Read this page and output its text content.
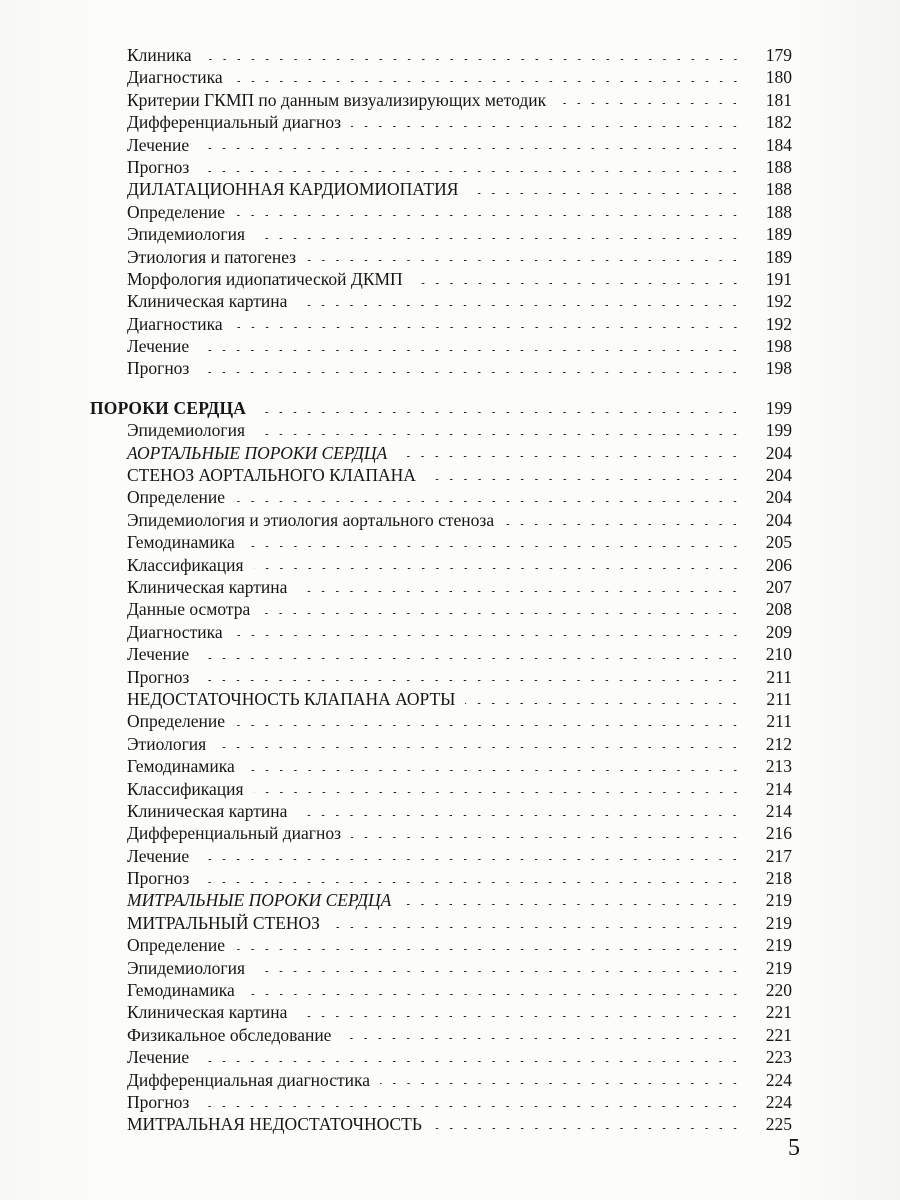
Клиника	179
Диагностика	180
Критерии ГКМП по данным визуализирующих методик	181
Дифференциальный диагноз	182
Лечение	184
Прогноз	188
ДИЛАТАЦИОННАЯ КАРДИОМИОПАТИЯ	188
Определение	188
Эпидемиология	189
Этиология и патогенез	189
Морфология идиопатической ДКМП	191
Клиническая картина	192
Диагностика	192
Лечение	198
Прогноз	198
ПОРОКИ СЕРДЦА	199
Эпидемиология	199
АОРТАЛЬНЫЕ ПОРОКИ СЕРДЦА	204
СТЕНОЗ АОРТАЛЬНОГО КЛАПАНА	204
Определение	204
Эпидемиология и этиология аортального стеноза	204
Гемодинамика	205
Классификация	206
Клиническая картина	207
Данные осмотра	208
Диагностика	209
Лечение	210
Прогноз	211
НЕДОСТАТОЧНОСТЬ КЛАПАНА АОРТЫ	211
Определение	211
Этиология	212
Гемодинамика	213
Классификация	214
Клиническая картина	214
Дифференциальный диагноз	216
Лечение	217
Прогноз	218
МИТРАЛЬНЫЕ ПОРОКИ СЕРДЦА	219
МИТРАЛЬНЫЙ СТЕНОЗ	219
Определение	219
Эпидемиология	219
Гемодинамика	220
Клиническая картина	221
Физикальное обследование	221
Лечение	223
Дифференциальная диагностика	224
Прогноз	224
МИТРАЛЬНАЯ НЕДОСТАТОЧНОСТЬ	225
5
